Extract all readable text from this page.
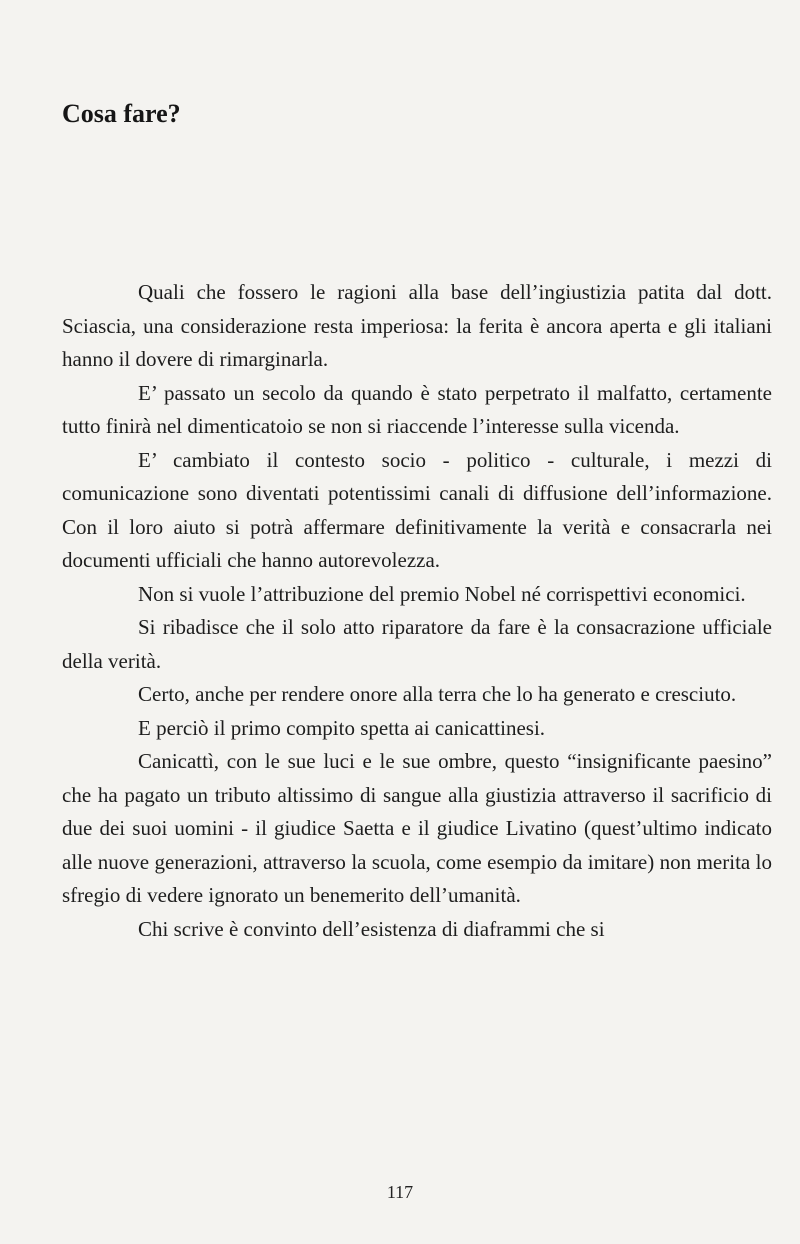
Cosa fare?

Quali che fossero le ragioni alla base dell’ingiustizia patita dal dott. Sciascia, una considerazione resta imperiosa: la ferita è ancora aperta e gli italiani hanno il dovere di rimarginarla.

E’ passato un secolo da quando è stato perpetrato il malfatto, certamente tutto finirà nel dimenticatoio se non si riaccende l’interesse sulla vicenda.

E’ cambiato il contesto socio - politico - culturale, i mezzi di comunicazione sono diventati potentissimi canali di diffusione dell’informazione. Con il loro aiuto si potrà affermare definitivamente la verità e consacrarla nei documenti ufficiali che hanno autorevolezza.

Non si vuole l’attribuzione del premio Nobel né corrispettivi economici.

Si ribadisce che il solo atto riparatore da fare è la consacrazione ufficiale della verità.

Certo, anche per rendere onore alla terra che lo ha generato e cresciuto.

E perciò il primo compito spetta ai canicattinesi.

Canicattì, con le sue luci e le sue ombre, questo “insignificante paesino” che ha pagato un tributo altissimo di sangue alla giustizia attraverso il sacrificio di due dei suoi uomini - il giudice Saetta e il giudice Livatino (quest’ultimo indicato alle nuove generazioni, attraverso la scuola, come esempio da imitare) non merita lo sfregio di vedere ignorato un benemerito dell’umanità.

Chi scrive è convinto dell’esistenza di diaframmi che si

117
